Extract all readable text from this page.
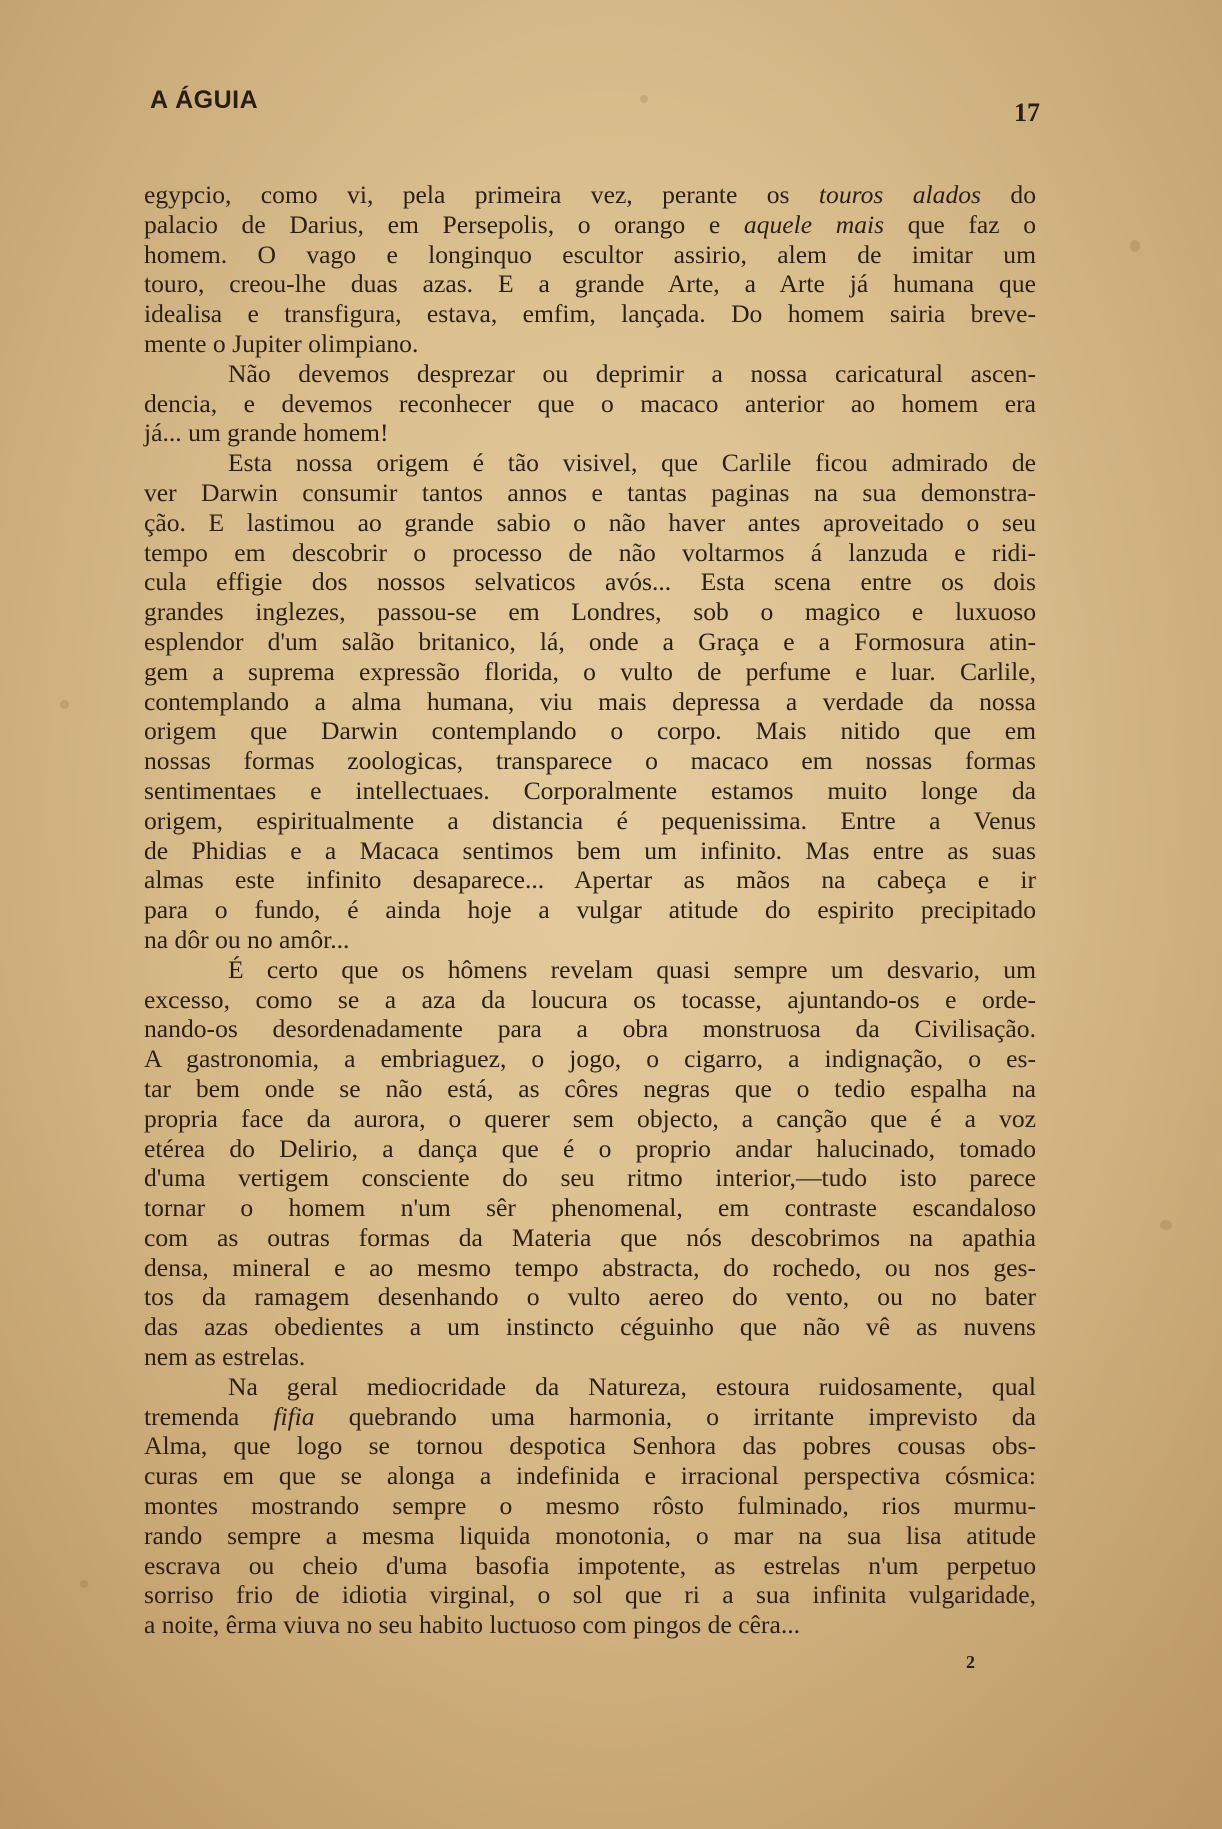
A ÁGUIA	17
egypcio, como vi, pela primeira vez, perante os touros alados do
palacio de Darius, em Persepolis, o orango e aquele mais que faz o
homem. O vago e longinquo escultor assirio, alem de imitar um
touro, creou-lhe duas azas. E a grande Arte, a Arte já humana que
idealisa e transfigura, estava, emfim, lançada. Do homem sairia breve-
mente o Jupiter olimpiano.
Não devemos desprezar ou deprimir a nossa caricatural ascen-
dencia, e devemos reconhecer que o macaco anterior ao homem era
já... um grande homem!
Esta nossa origem é tão visivel, que Carlile ficou admirado de
ver Darwin consumir tantos annos e tantas paginas na sua demonstra-
ção. E lastimou ao grande sabio o não haver antes aproveitado o seu
tempo em descobrir o processo de não voltarmos á lanzuda e ridi-
cula effigie dos nossos selvaticos avós... Esta scena entre os dois
grandes inglezes, passou-se em Londres, sob o magico e luxuoso
esplendor d'um salão britanico, lá, onde a Graça e a Formosura atin-
gem a suprema expressão florida, o vulto de perfume e luar. Carlile,
contemplando a alma humana, viu mais depressa a verdade da nossa
origem que Darwin contemplando o corpo. Mais nitido que em
nossas formas zoologicas, transparece o macaco em nossas formas
sentimentaes e intellectuaes. Corporalmente estamos muito longe da
origem, espiritualmente a distancia é pequenissima. Entre a Venus
de Phidias e a Macaca sentimos bem um infinito. Mas entre as suas
almas este infinito desaparece... Apertar as mãos na cabeça e ir
para o fundo, é ainda hoje a vulgar atitude do espirito precipitado
na dôr ou no amôr...
É certo que os hômens revelam quasi sempre um desvario, um
excesso, como se a aza da loucura os tocasse, ajuntando-os e orde-
nando-os desordenadamente para a obra monstruosa da Civilisação.
A gastronomia, a embriaguez, o jogo, o cigarro, a indignação, o es-
tar bem onde se não está, as côres negras que o tedio espalha na
propria face da aurora, o querer sem objecto, a canção que é a voz
etérea do Delirio, a dança que é o proprio andar halucinado, tomado
d'uma vertigem consciente do seu ritmo interior,—tudo isto parece
tornar o homem n'um sêr phenomenal, em contraste escandaloso
com as outras formas da Materia que nós descobrimos na apathia
densa, mineral e ao mesmo tempo abstracta, do rochedo, ou nos ges-
tos da ramagem desenhando o vulto aereo do vento, ou no bater
das azas obedientes a um instincto céguinho que não vê as nuvens
nem as estrelas.
Na geral mediocridade da Natureza, estoura ruidosamente, qual
tremenda fifia quebrando uma harmonia, o irritante imprevisto da
Alma, que logo se tornou despotica Senhora das pobres cousas obs-
curas em que se alonga a indefinida e irracional perspectiva cósmica:
montes mostrando sempre o mesmo rôsto fulminado, rios murmu-
rando sempre a mesma liquida monotonia, o mar na sua lisa atitude
escrava ou cheio d'uma basofia impotente, as estrelas n'um perpetuo
sorriso frio de idiotia virginal, o sol que ri a sua infinita vulgaridade,
a noite, êrma viuva no seu habito luctuoso com pingos de cêra...
2
